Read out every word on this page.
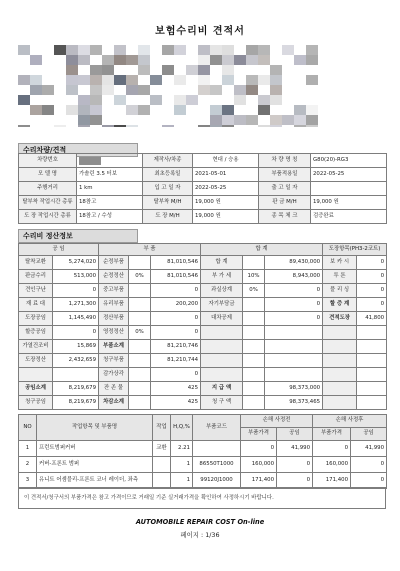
보험수리비 견적서
수리차량/견적
차량번호		제작사/차종	현대 / 승용	차 량 명 칭	G80(20)-RG3
모 델 명	가솔린 3.5 터보	최초등록일	2021-05-01	부품적용일	2022-05-25
주행거리	1 km	입 고 일 자	2022-05-25	출 고 일 자	
탈부착 작업시간 총류	18참고	탈부착 M/H	19,000 원	판 금 M/H	19,000 원
도 장 작업시간 총류	18참고 / 수성	도 장 M/H	19,000 원	종 목 체 크	검증완료
수리비 정산정보
공 임		부 품			합 계			도장항목(PH3-2코트)	
탈착교환	5,274,020	순정부품		81,010,546	합 계		89,430,000	보 카 시	0
판금수리	513,000	순정정산	0%	81,010,546	부 가 세	10%	8,943,000	투 톤	0
견인구난	0	중고부품		0	과실상계	0%	0	풀 리 싱	0
재 료 대	1,271,300	유리부품		200,200	자기부담금		0	할 증 계	0
도장공임	1,145,490	정산부품		0	대차공제		0	견적도장	41,800
할증공임	0	영정정산	0%	0					
가열건조비	15,869	부품소계		81,210,746					
도장정산	2,432,659	청구부품		81,210,744					
		감가상각		0					
공임소계	8,219,679	잔 존 물		425	지 급 액		98,373,000		
청구공임	8,219,679	차감소계		425	청 구 액		98,373,465		
NO	작업항목 및 부품명	작업	H,Q,%	부품코드	손해 사정전		손해 사정후	
					부품가격	공임	부품가격	공임
1	프런트범퍼커버	교환	2.21		0	41,990	0	41,990
2	커버-프론트 범퍼		1	86550T1000	160,000	0	160,000	0
3	유니트 어셈블리-프론트 코너 레이더, 좌측		1	99120J1000	171,400	0	171,400	0
이 견적서/청구서의 부품가격은 참고 가격이므로 거래일 기준 실거래가격을 확인하여 사정하시기 바랍니다.
AUTOMOBILE REPAIR COST On-line
페이지 : 1/36
